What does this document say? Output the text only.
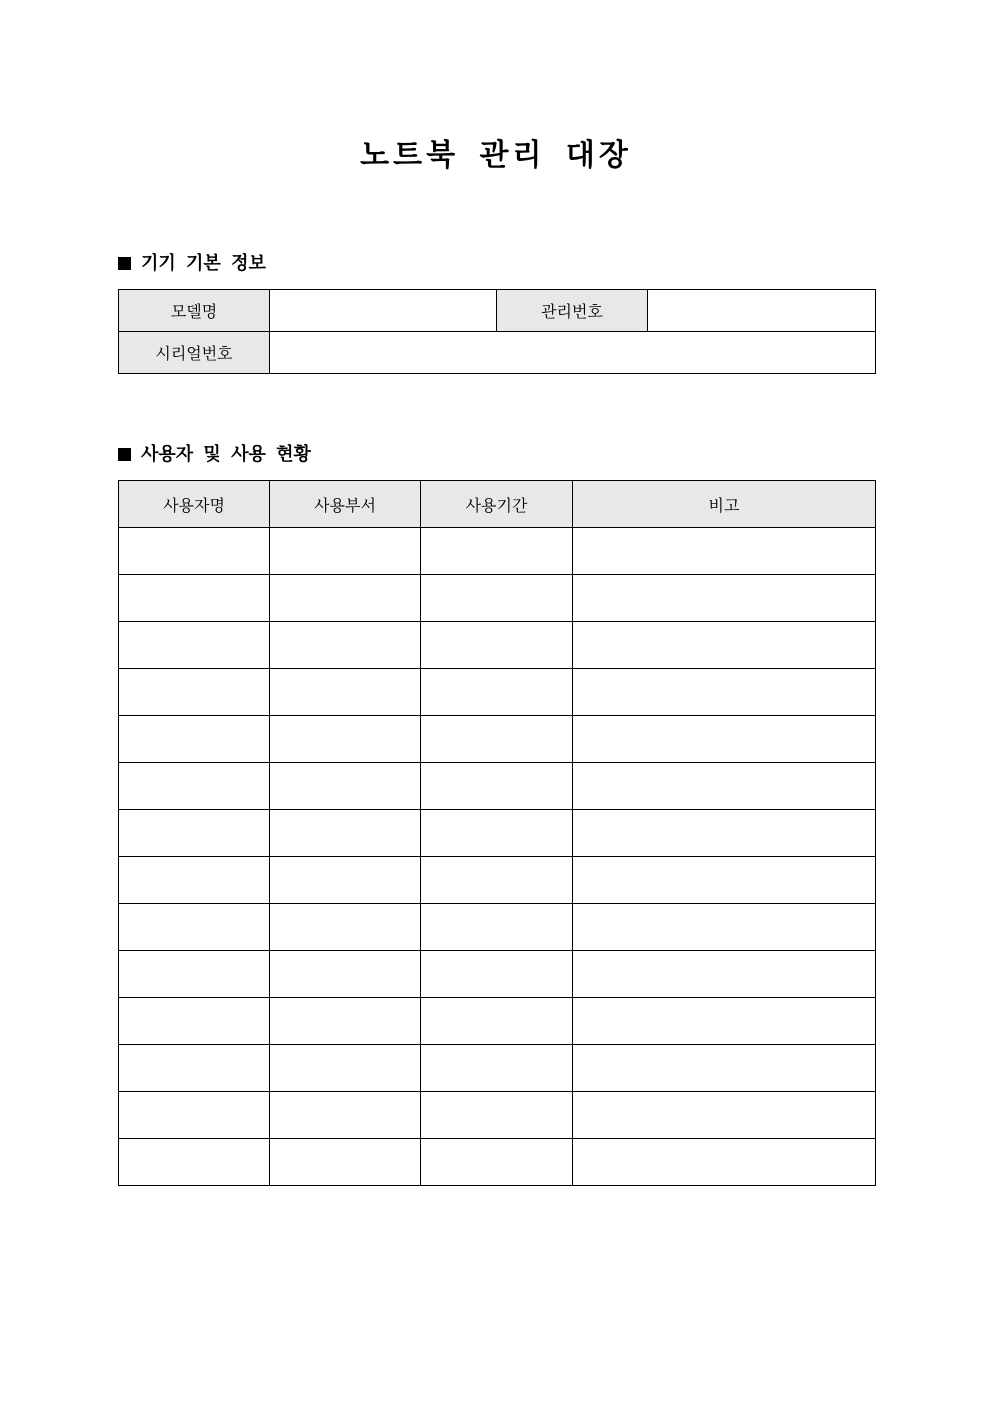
노트북 관리 대장
기기 기본 정보
모델명		관리번호	
시리얼번호			
사용자 및 사용 현황
사용자명	사용부서	사용기간	비고
